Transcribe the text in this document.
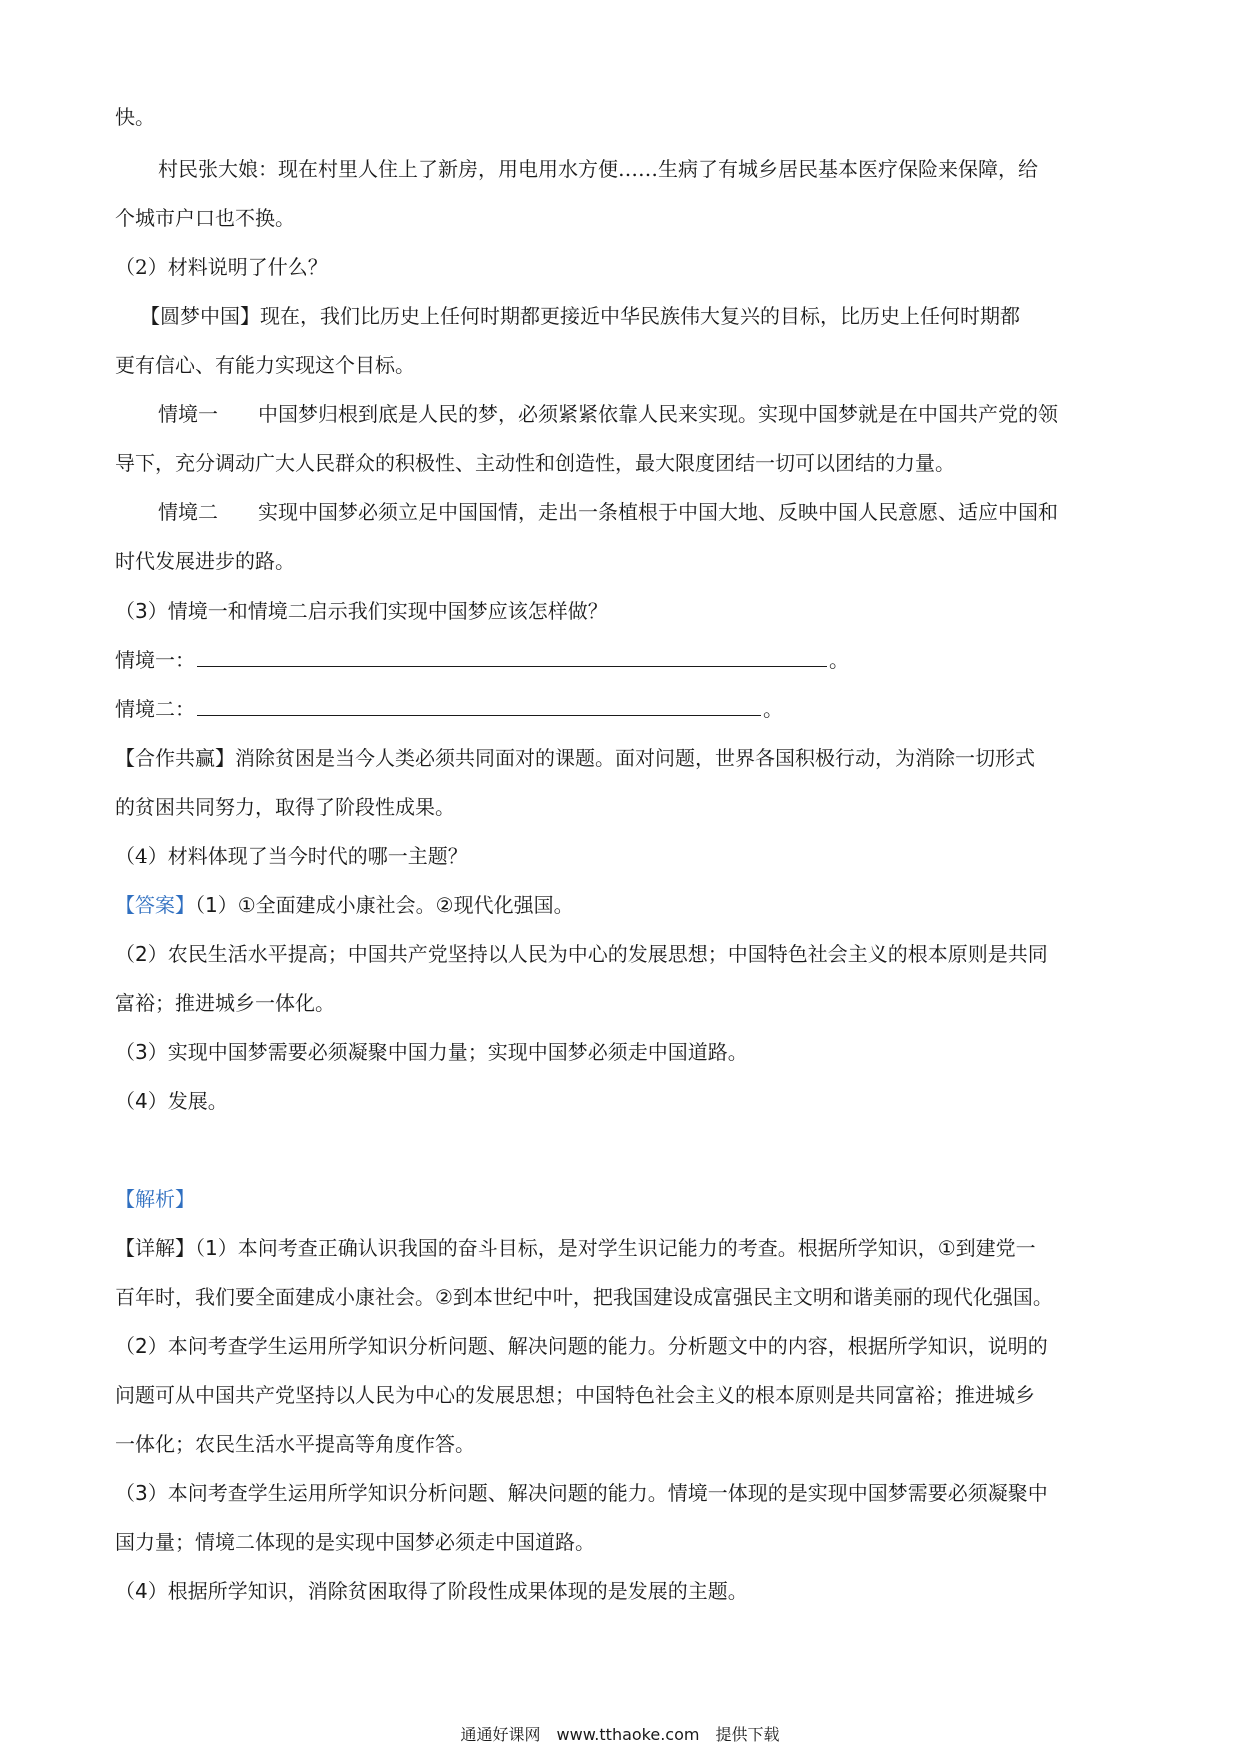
快。
村民张大娘：现在村里人住上了新房，用电用水方便……生病了有城乡居民基本医疗保险来保障，给
个城市户口也不换。
（2）材料说明了什么？
【圆梦中国】现在，我们比历史上任何时期都更接近中华民族伟大复兴的目标，比历史上任何时期都
更有信心、有能力实现这个目标。
情境一　　中国梦归根到底是人民的梦，必须紧紧依靠人民来实现。实现中国梦就是在中国共产党的领
导下，充分调动广大人民群众的积极性、主动性和创造性，最大限度团结一切可以团结的力量。
情境二　　实现中国梦必须立足中国国情，走出一条植根于中国大地、反映中国人民意愿、适应中国和
时代发展进步的路。
（3）情境一和情境二启示我们实现中国梦应该怎样做？
情境一：	。
情境二：	。
【合作共赢】消除贫困是当今人类必须共同面对的课题。面对问题，世界各国积极行动，为消除一切形式
的贫困共同努力，取得了阶段性成果。
（4）材料体现了当今时代的哪一主题？
【答案】（1）①全面建成小康社会。②现代化强国。
（2）农民生活水平提高；中国共产党坚持以人民为中心的发展思想；中国特色社会主义的根本原则是共同
富裕；推进城乡一体化。
（3）实现中国梦需要必须凝聚中国力量；实现中国梦必须走中国道路。
（4）发展。
【解析】
【详解】（1）本问考查正确认识我国的奋斗目标，是对学生识记能力的考查。根据所学知识，①到建党一
百年时，我们要全面建成小康社会。②到本世纪中叶，把我国建设成富强民主文明和谐美丽的现代化强国。
（2）本问考查学生运用所学知识分析问题、解决问题的能力。分析题文中的内容，根据所学知识，说明的
问题可从中国共产党坚持以人民为中心的发展思想；中国特色社会主义的根本原则是共同富裕；推进城乡
一体化；农民生活水平提高等角度作答。
（3）本问考查学生运用所学知识分析问题、解决问题的能力。情境一体现的是实现中国梦需要必须凝聚中
国力量；情境二体现的是实现中国梦必须走中国道路。
（4）根据所学知识，消除贫困取得了阶段性成果体现的是发展的主题。
通通好课网　www.tthaoke.com　提供下载
